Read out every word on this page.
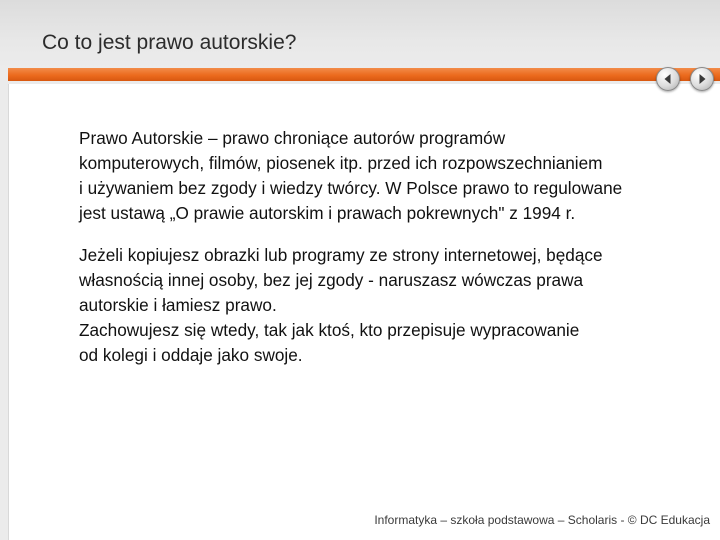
Co to jest prawo autorskie?

Prawo Autorskie – prawo chroniące autorów programów
komputerowych, filmów, piosenek itp. przed ich rozpowszechnianiem
i używaniem bez zgody i wiedzy twórcy. W Polsce prawo to regulowane
jest ustawą „O prawie autorskim i prawach pokrewnych" z 1994 r.

Jeżeli kopiujesz obrazki lub programy ze strony internetowej, będące
własnością innej osoby, bez jej zgody - naruszasz wówczas prawa
autorskie i łamiesz prawo.
Zachowujesz się wtedy, tak jak ktoś, kto przepisuje wypracowanie
od kolegi i oddaje jako swoje.

Informatyka – szkoła podstawowa – Scholaris - © DC Edukacja
